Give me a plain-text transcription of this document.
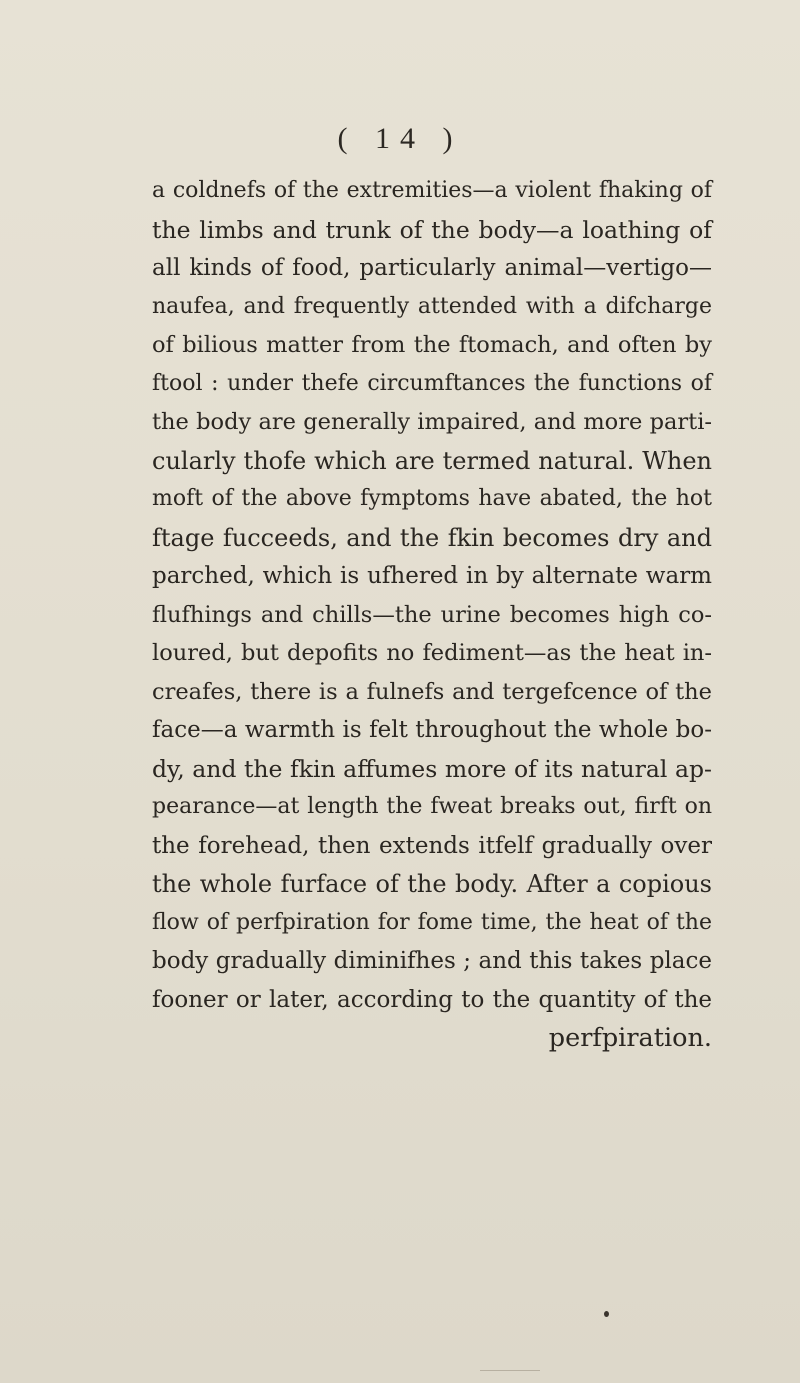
( 14 )
a coldnefs of the extremities—a violent fhaking of
the limbs and trunk of the body—a loathing of
all kinds of food, particularly animal—vertigo—
naufea, and frequently attended with a difcharge
of bilious matter from the ftomach, and often by
ftool : under thefe circumftances the functions of
the body are generally impaired, and more parti-
cularly thofe which are termed natural. When
moft of the above fymptoms have abated, the hot
ftage fucceeds, and the fkin becomes dry and
parched, which is ufhered in by alternate warm
flufhings and chills—the urine becomes high co-
loured, but depofits no fediment—as the heat in-
creafes, there is a fulnefs and tergefcence of the
face—a warmth is felt throughout the whole bo-
dy, and the fkin affumes more of its natural ap-
pearance—at length the fweat breaks out, firft on
the forehead, then extends itfelf gradually over
the whole furface of the body. After a copious
flow of perfpiration for fome time, the heat of the
body gradually diminifhes ; and this takes place
fooner or later, according to the quantity of the
perfpiration.
